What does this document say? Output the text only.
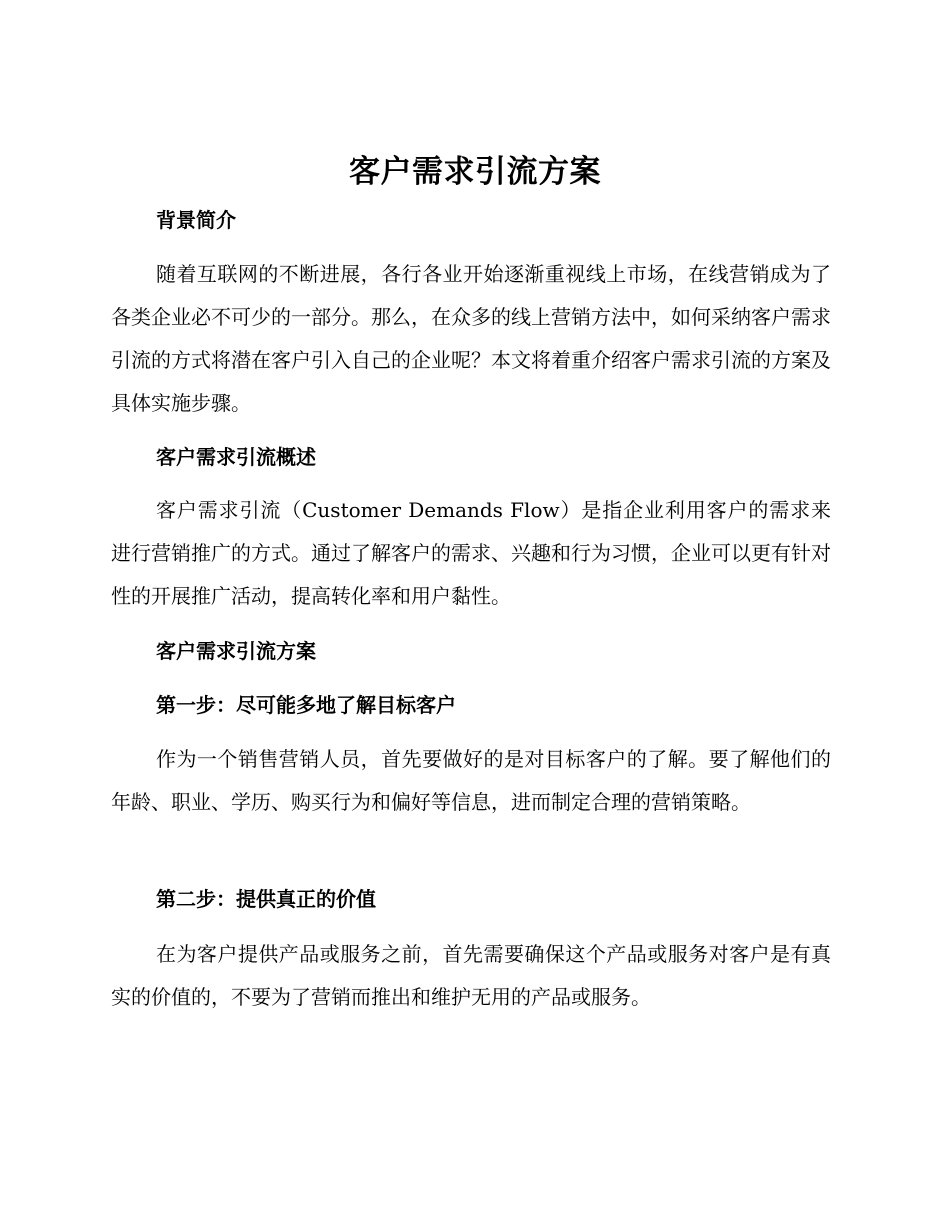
客户需求引流方案
背景简介

随着互联网的不断进展，各行各业开始逐渐重视线上市场，在线营销成为了各类企业必不可少的一部分。那么，在众多的线上营销方法中，如何采纳客户需求引流的方式将潜在客户引入自己的企业呢？本文将着重介绍客户需求引流的方案及具体实施步骤。

客户需求引流概述

客户需求引流（Customer Demands Flow）是指企业利用客户的需求来进行营销推广的方式。通过了解客户的需求、兴趣和行为习惯，企业可以更有针对性的开展推广活动，提高转化率和用户黏性。

客户需求引流方案
第一步：尽可能多地了解目标客户

作为一个销售营销人员，首先要做好的是对目标客户的了解。要了解他们的年龄、职业、学历、购买行为和偏好等信息，进而制定合理的营销策略。

第二步：提供真正的价值

在为客户提供产品或服务之前，首先需要确保这个产品或服务对客户是有真实的价值的，不要为了营销而推出和维护无用的产品或服务。
